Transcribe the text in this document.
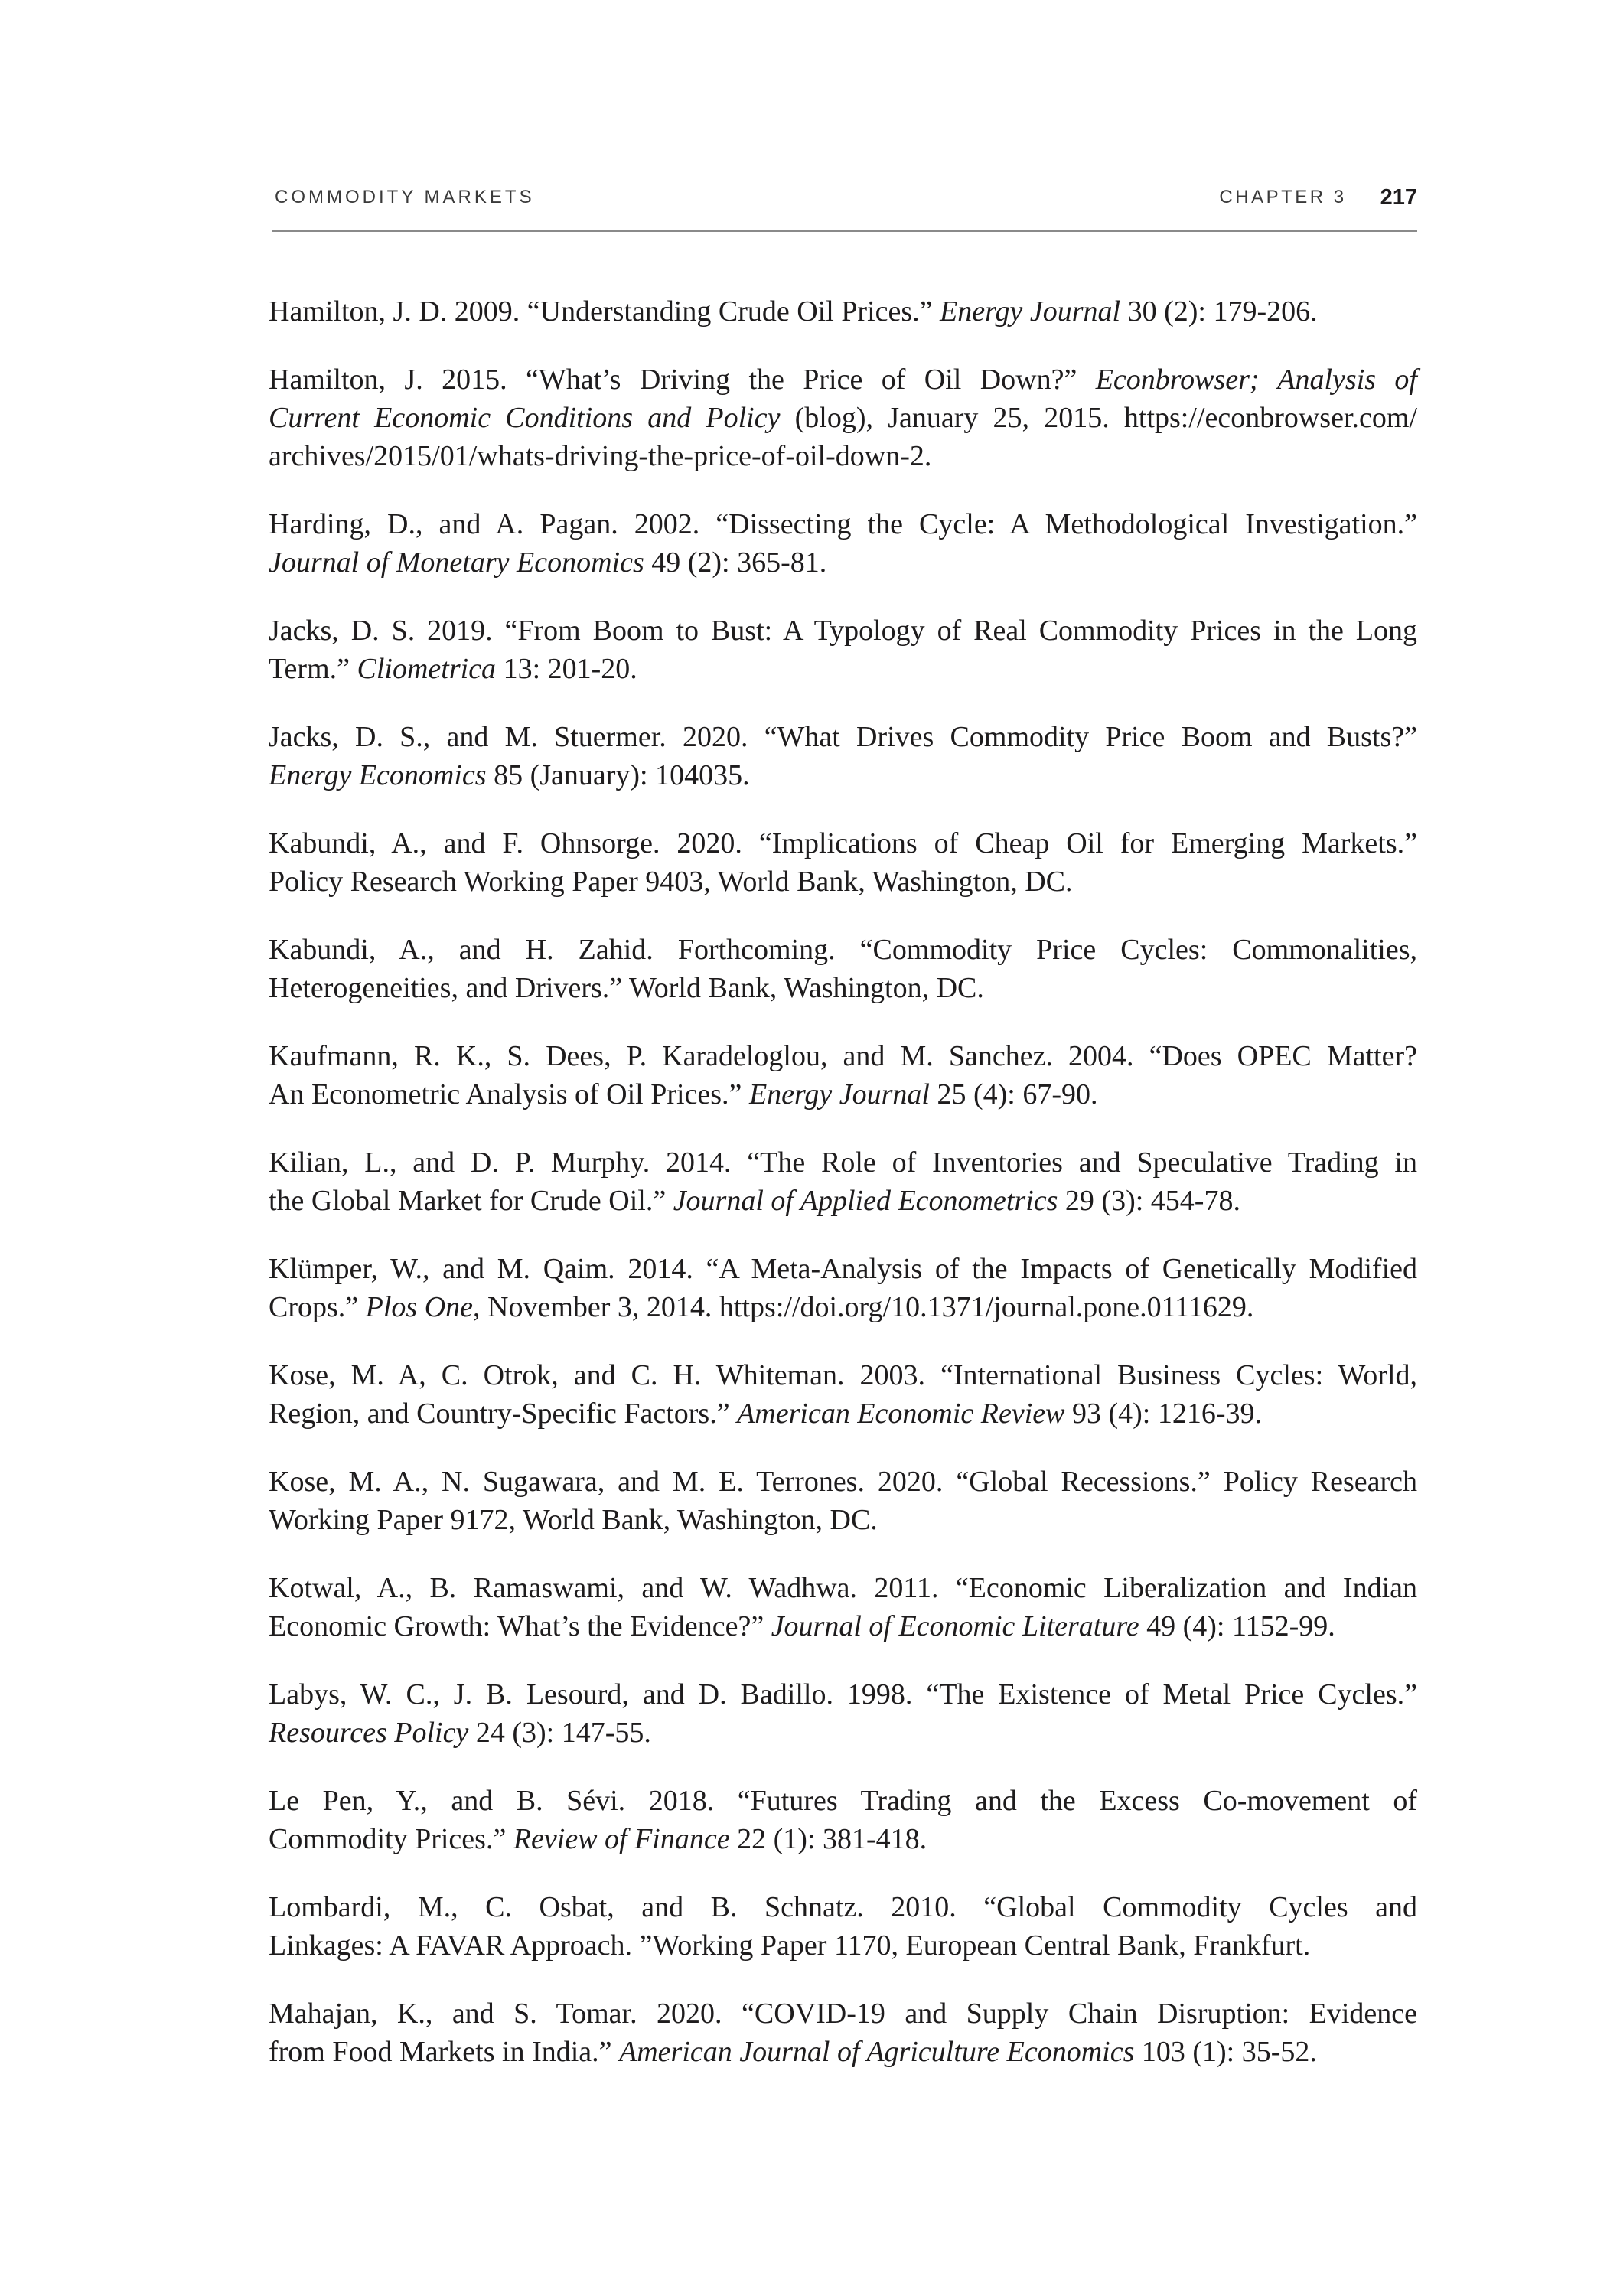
COMMODITY MARKETS	CHAPTER 3 217
Hamilton, J. D. 2009. “Understanding Crude Oil Prices.” Energy Journal 30 (2): 179-206.
Hamilton, J. 2015. “What’s Driving the Price of Oil Down?” Econbrowser; Analysis of
Current Economic Conditions and Policy (blog), January 25, 2015. https://econbrowser.com/
archives/2015/01/whats-driving-the-price-of-oil-down-2.
Harding, D., and A. Pagan. 2002. “Dissecting the Cycle: A Methodological Investigation.”
Journal of Monetary Economics 49 (2): 365-81.
Jacks, D. S. 2019. “From Boom to Bust: A Typology of Real Commodity Prices in the Long
Term.” Cliometrica 13: 201-20.
Jacks, D. S., and M. Stuermer. 2020. “What Drives Commodity Price Boom and Busts?”
Energy Economics 85 (January): 104035.
Kabundi, A., and F. Ohnsorge. 2020. “Implications of Cheap Oil for Emerging Markets.”
Policy Research Working Paper 9403, World Bank, Washington, DC.
Kabundi, A., and H. Zahid. Forthcoming. “Commodity Price Cycles: Commonalities,
Heterogeneities, and Drivers.” World Bank, Washington, DC.
Kaufmann, R. K., S. Dees, P. Karadeloglou, and M. Sanchez. 2004. “Does OPEC Matter?
An Econometric Analysis of Oil Prices.” Energy Journal 25 (4): 67-90.
Kilian, L., and D. P. Murphy. 2014. “The Role of Inventories and Speculative Trading in
the Global Market for Crude Oil.” Journal of Applied Econometrics 29 (3): 454-78.
Klümper, W., and M. Qaim. 2014. “A Meta-Analysis of the Impacts of Genetically Modified
Crops.” Plos One, November 3, 2014. https://doi.org/10.1371/journal.pone.0111629.
Kose, M. A, C. Otrok, and C. H. Whiteman. 2003. “International Business Cycles: World,
Region, and Country-Specific Factors.” American Economic Review 93 (4): 1216-39.
Kose, M. A., N. Sugawara, and M. E. Terrones. 2020. “Global Recessions.” Policy Research
Working Paper 9172, World Bank, Washington, DC.
Kotwal, A., B. Ramaswami, and W. Wadhwa. 2011. “Economic Liberalization and Indian
Economic Growth: What’s the Evidence?” Journal of Economic Literature 49 (4): 1152-99.
Labys, W. C., J. B. Lesourd, and D. Badillo. 1998. “The Existence of Metal Price Cycles.”
Resources Policy 24 (3): 147-55.
Le Pen, Y., and B. Sévi. 2018. “Futures Trading and the Excess Co-movement of
Commodity Prices.” Review of Finance 22 (1): 381-418.
Lombardi, M., C. Osbat, and B. Schnatz. 2010. “Global Commodity Cycles and
Linkages: A FAVAR Approach. ”Working Paper 1170, European Central Bank, Frankfurt.
Mahajan, K., and S. Tomar. 2020. “COVID-19 and Supply Chain Disruption: Evidence
from Food Markets in India.” American Journal of Agriculture Economics 103 (1): 35-52.
